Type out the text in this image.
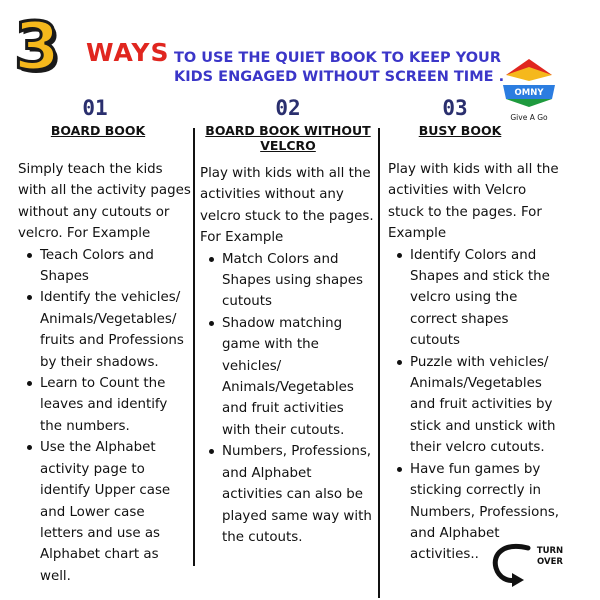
3 WAYS TO USE THE QUIET BOOK TO KEEP YOUR KIDS ENGAGED WITHOUT SCREEN TIME .
OMNY
Give A Go
01
BOARD BOOK
Simply teach the kids with all the activity pages without any cutouts or velcro. For Example
Teach Colors and Shapes
Identify the vehicles/ Animals/Vegetables/ fruits and Professions by their shadows.
Learn to Count the leaves and identify the numbers.
Use the Alphabet activity page to identify Upper case and Lower case letters and use as Alphabet chart as well.
02
BOARD BOOK WITHOUT VELCRO
Play with kids with all the activities without any velcro stuck to the pages. For Example
Match Colors and Shapes using shapes cutouts
Shadow matching game with the vehicles/ Animals/Vegetables and fruit activities with their cutouts.
Numbers, Professions, and Alphabet activities can also be played same way with the cutouts.
03
BUSY BOOK
Play with kids with all the activities with Velcro stuck to the pages. For Example
Identify Colors and Shapes and stick the velcro using the correct shapes cutouts
Puzzle with vehicles/ Animals/Vegetables and fruit activities by stick and unstick with their velcro cutouts.
Have fun games by sticking correctly in Numbers, Professions, and Alphabet activities..	TURN OVER
